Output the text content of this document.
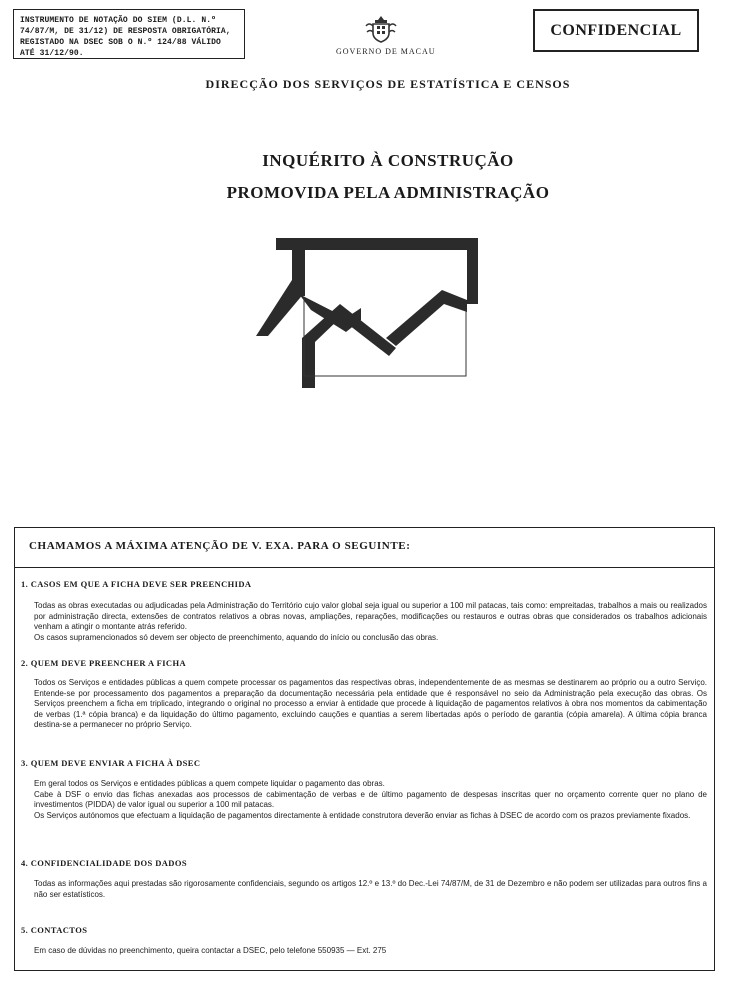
INSTRUMENTO DE NOTAÇÃO DO SIEM (D.L. N.º 74/87/M, DE 31/12) DE RESPOSTA OBRIGATÓRIA, REGISTADO NA DSEC SOB O N.º 124/88 VÁLIDO ATÉ 31/12/90.	GOVERNO DE MACAU
CONFIDENCIAL
DIRECÇÃO DOS SERVIÇOS DE ESTATÍSTICA E CENSOS
INQUÉRITO À CONSTRUÇÃO
PROMOVIDA PELA ADMINISTRAÇÃO
CHAMAMOS A MÁXIMA ATENÇÃO DE V. EXA. PARA O SEGUINTE:
1. CASOS EM QUE A FICHA DEVE SER PREENCHIDA

Todas as obras executadas ou adjudicadas pela Administração do Território cujo valor global seja igual ou superior a 100 mil patacas, tais como: empreitadas, trabalhos a mais ou realizados por administração directa, extensões de contratos relativos a obras novas, ampliações, reparações, modificações ou restauros e outras obras que considerados os trabalhos adicionais venham a atingir o montante atrás referido.

Os casos supramencionados só devem ser objecto de preenchimento, aquando do início ou conclusão das obras.

2. QUEM DEVE PREENCHER A FICHA

Todos os Serviços e entidades públicas a quem compete processar os pagamentos das respectivas obras, independentemente de as mesmas se destinarem ao próprio ou a outro Serviço. Entende-se por processamento dos pagamentos a preparação da documentação necessária pela entidade que é responsável no seio da Administração pela execução das obras. Os Serviços preenchem a ficha em triplicado, integrando o original no processo a enviar à entidade que procede à liquidação de pagamentos relativos à obra nos momentos da cabimentação de verbas (1.ª cópia branca) e da liquidação do último pagamento, excluindo cauções e quantias a serem libertadas após o período de garantia (cópia amarela). A última cópia branca destina-se a permanecer no próprio Serviço.

3. QUEM DEVE ENVIAR A FICHA À DSEC

Em geral todos os Serviços e entidades públicas a quem compete liquidar o pagamento das obras.

Cabe à DSF o envio das fichas anexadas aos processos de cabimentação de verbas e de último pagamento de despesas inscritas quer no orçamento corrente quer no plano de investimentos (PIDDA) de valor igual ou superior a 100 mil patacas.

Os Serviços autónomos que efectuam a liquidação de pagamentos directamente à entidade construtora deverão enviar as fichas à DSEC de acordo com os prazos previamente fixados.

4. CONFIDENCIALIDADE DOS DADOS

Todas as informações aqui prestadas são rigorosamente confidenciais, segundo os artigos 12.º e 13.º do Dec.-Lei 74/87/M, de 31 de Dezembro e não podem ser utilizadas para outros fins a não ser estatísticos.

5. CONTACTOS

Em caso de dúvidas no preenchimento, queira contactar a DSEC, pelo telefone 550935 — Ext. 275
